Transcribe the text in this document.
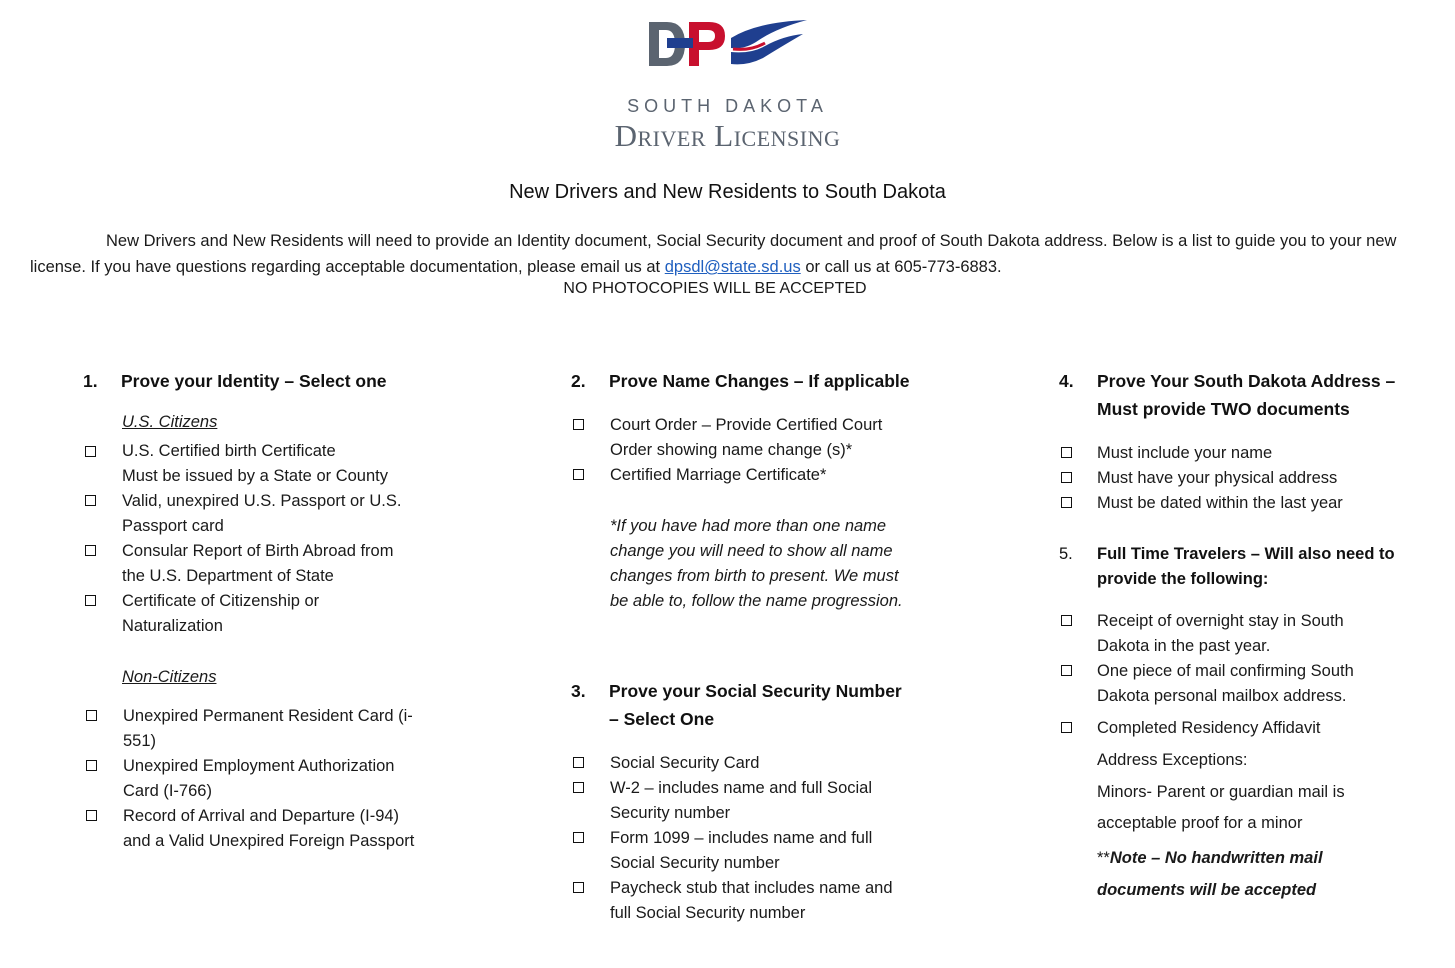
SOUTH DAKOTA
Driver Licensing
New Drivers and New Residents to South Dakota
New Drivers and New Residents will need to provide an Identity document, Social Security document and proof of South Dakota address. Below is a list to guide you to your new license. If you have questions regarding acceptable documentation, please email us at dpsdl@state.sd.us or call us at 605-773-6883.
NO PHOTOCOPIES WILL BE ACCEPTED
1. Prove your Identity – Select one
U.S. Citizens
U.S. Certified birth Certificate
Must be issued by a State or County
Valid, unexpired U.S. Passport or U.S.
Passport card
Consular Report of Birth Abroad from
the U.S. Department of State
Certificate of Citizenship or
Naturalization
Non-Citizens
Unexpired Permanent Resident Card (i-
551)
Unexpired Employment Authorization
Card (I-766)
Record of Arrival and Departure (I-94)
and a Valid Unexpired Foreign Passport
2. Prove Name Changes – If applicable
Court Order – Provide Certified Court
Order showing name change (s)*
Certified Marriage Certificate*
*If you have had more than one name
change you will need to show all name
changes from birth to present. We must
be able to, follow the name progression.
3. Prove your Social Security Number
– Select One
Social Security Card
W-2 – includes name and full Social
Security number
Form 1099 – includes name and full
Social Security number
Paycheck stub that includes name and
full Social Security number
4. Prove Your South Dakota Address –
Must provide TWO documents
Must include your name
Must have your physical address
Must be dated within the last year
5. Full Time Travelers – Will also need to
provide the following:
Receipt of overnight stay in South
Dakota in the past year.
One piece of mail confirming South
Dakota personal mailbox address.
Completed Residency Affidavit
Address Exceptions:
Minors- Parent or guardian mail is
acceptable proof for a minor
**Note – No handwritten mail
documents will be accepted
